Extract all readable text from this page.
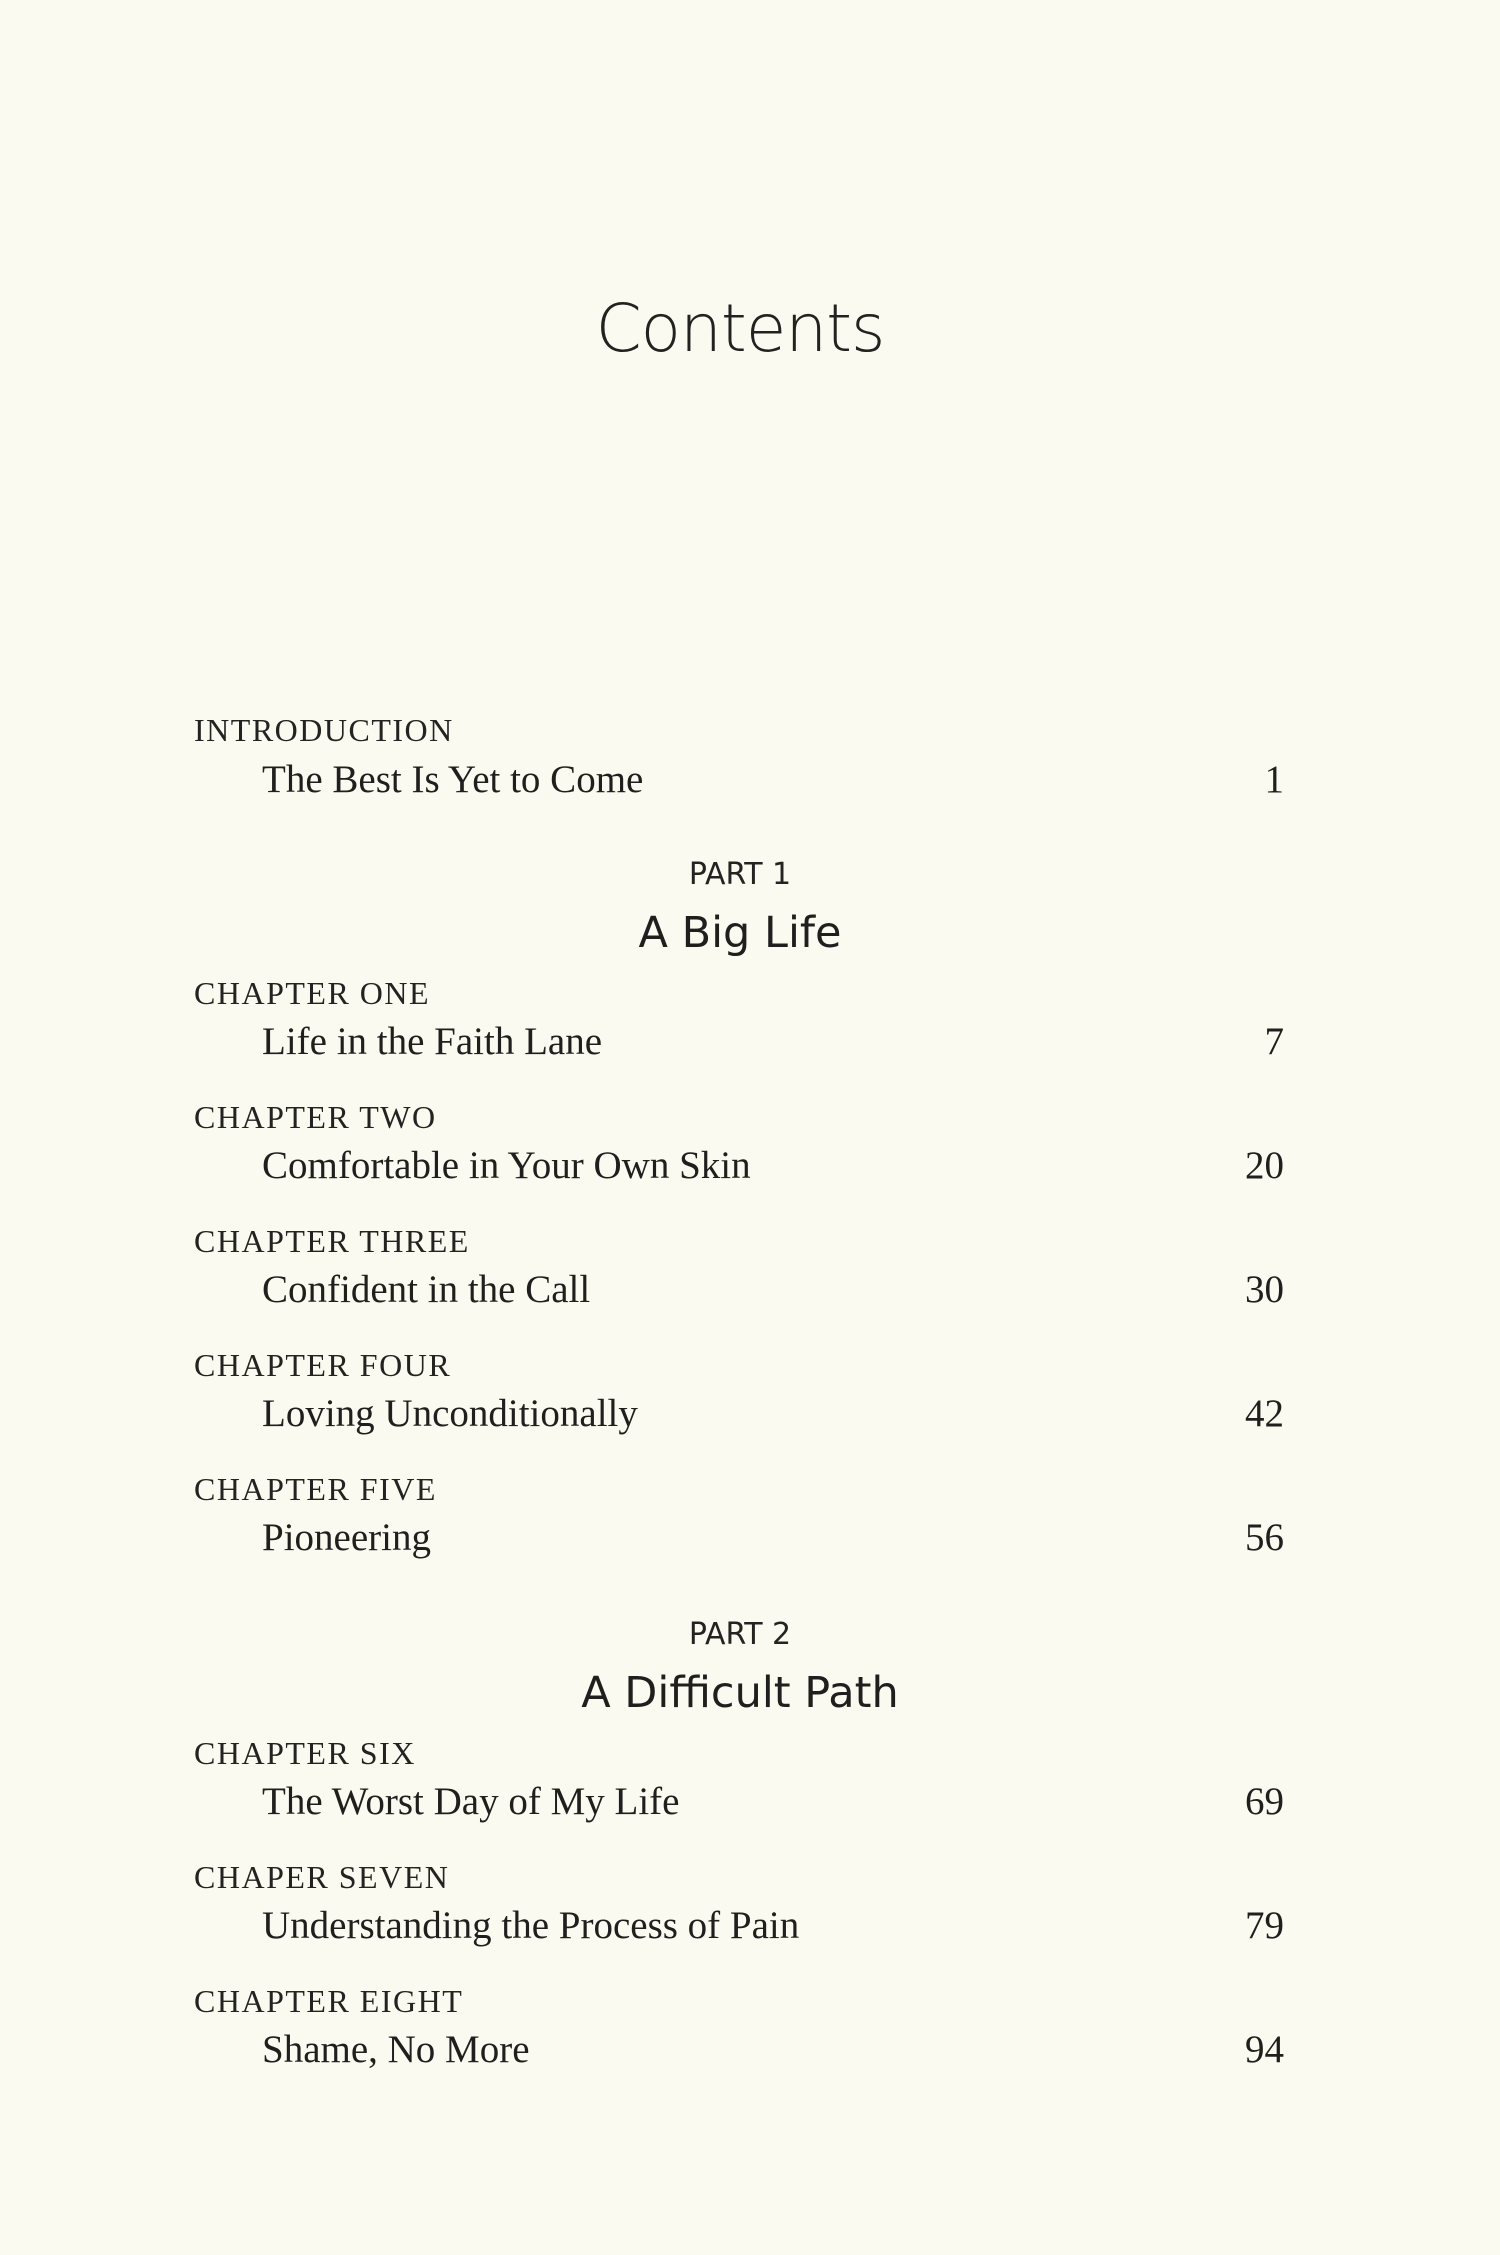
Contents
INTRODUCTION
The Best Is Yet to Come	1
PART 1
A Big Life
CHAPTER ONE
Life in the Faith Lane	7
CHAPTER TWO
Comfortable in Your Own Skin	20
CHAPTER THREE
Confident in the Call	30
CHAPTER FOUR
Loving Unconditionally	42
CHAPTER FIVE
Pioneering	56
PART 2
A Difficult Path
CHAPTER SIX
The Worst Day of My Life	69
CHAPER SEVEN
Understanding the Process of Pain	79
CHAPTER EIGHT
Shame, No More	94
